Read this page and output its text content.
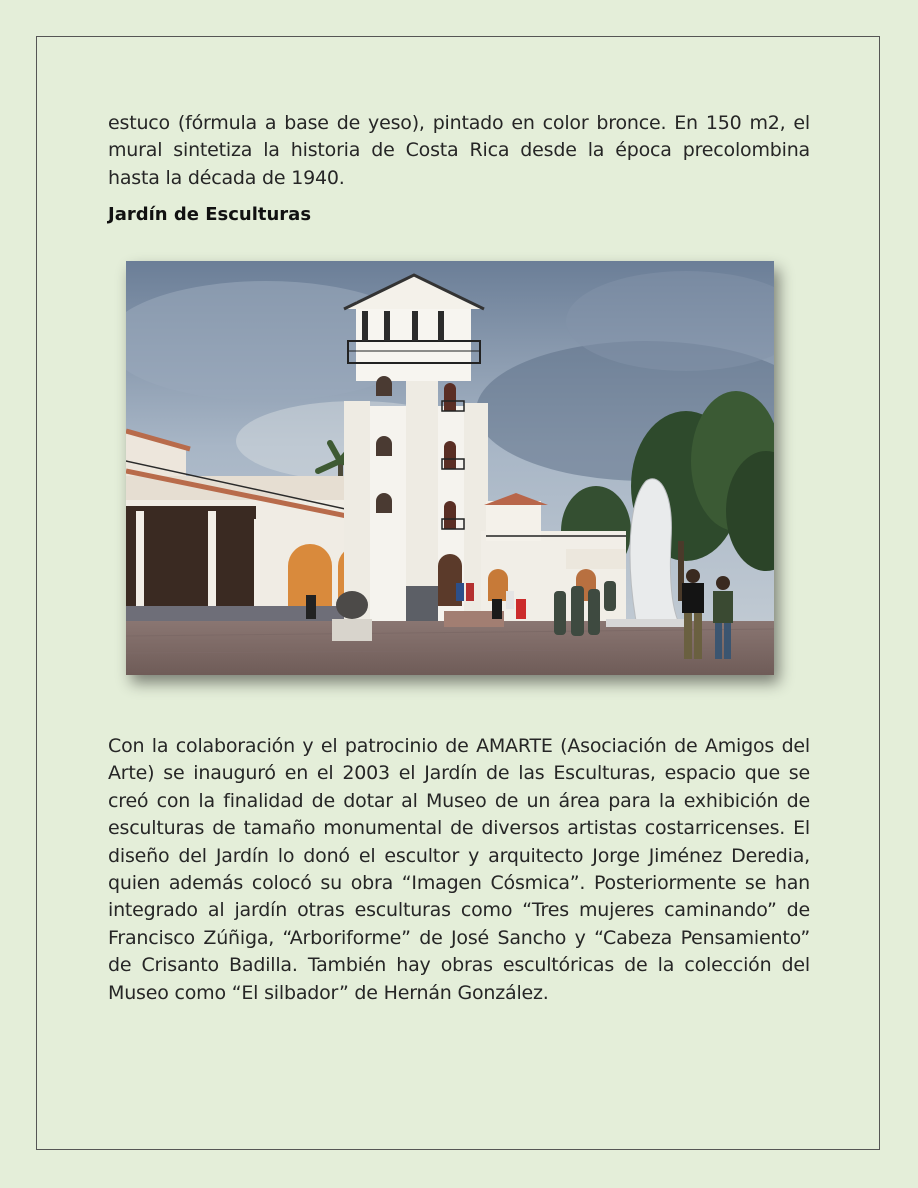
estuco (fórmula a base de yeso), pintado en color bronce. En 150 m2, el mural sintetiza la historia de Costa Rica desde la época precolombina hasta la década de 1940.

Jardín de Esculturas

Con la colaboración y el patrocinio de AMARTE (Asociación de Amigos del Arte) se inauguró en el 2003 el Jardín de las Esculturas, espacio que se creó con la finalidad de dotar al Museo de un área para la exhibición de esculturas de tamaño monumental de diversos artistas costarricenses. El diseño del Jardín lo donó el escultor y arquitecto Jorge Jiménez Deredia, quien además colocó su obra “Imagen Cósmica”. Posteriormente se han integrado al jardín otras esculturas como “Tres mujeres caminando” de Francisco Zúñiga, “Arboriforme” de José Sancho y “Cabeza Pensamiento” de Crisanto Badilla. También hay obras escultóricas de la colección del Museo como “El silbador” de Hernán González.
